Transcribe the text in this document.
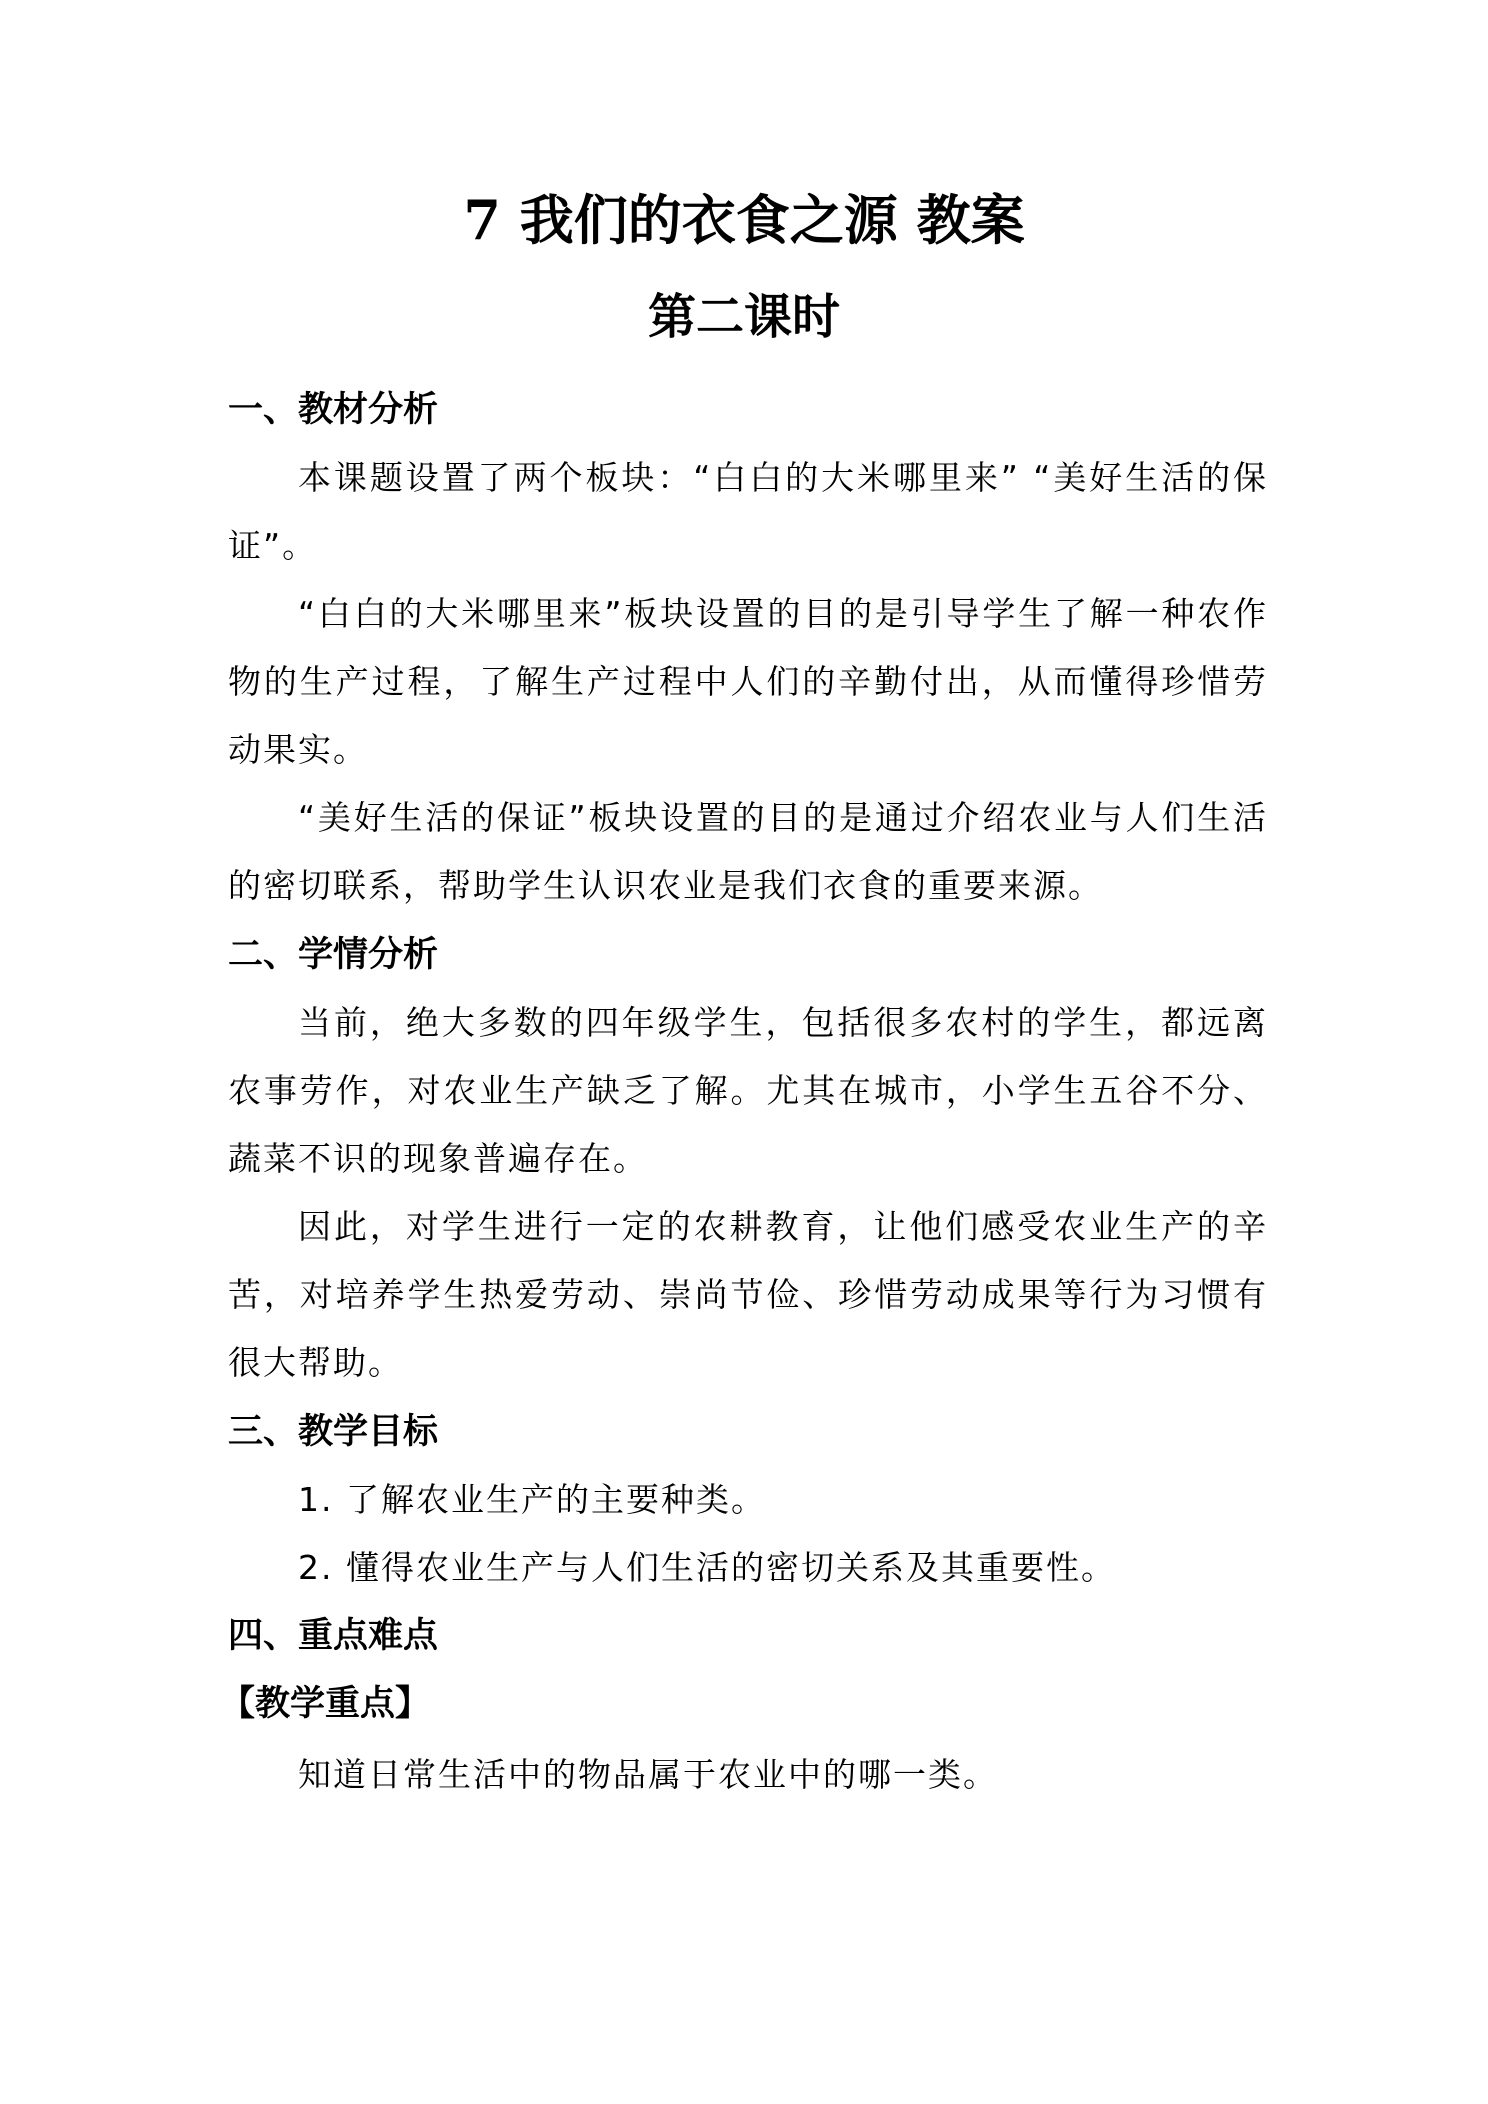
7 我们的衣食之源 教案
第二课时
一、教材分析

本课题设置了两个板块：“白白的大米哪里来” “美好生活的保证”。

“白白的大米哪里来”板块设置的目的是引导学生了解一种农作物的生产过程，了解生产过程中人们的辛勤付出，从而懂得珍惜劳动果实。

“美好生活的保证”板块设置的目的是通过介绍农业与人们生活的密切联系，帮助学生认识农业是我们衣食的重要来源。

二、学情分析

当前，绝大多数的四年级学生，包括很多农村的学生，都远离农事劳作，对农业生产缺乏了解。尤其在城市，小学生五谷不分、蔬菜不识的现象普遍存在。

因此，对学生进行一定的农耕教育，让他们感受农业生产的辛苦，对培养学生热爱劳动、崇尚节俭、珍惜劳动成果等行为习惯有很大帮助。

三、教学目标

1. 了解农业生产的主要种类。

2. 懂得农业生产与人们生活的密切关系及其重要性。

四、重点难点
【教学重点】

知道日常生活中的物品属于农业中的哪一类。
